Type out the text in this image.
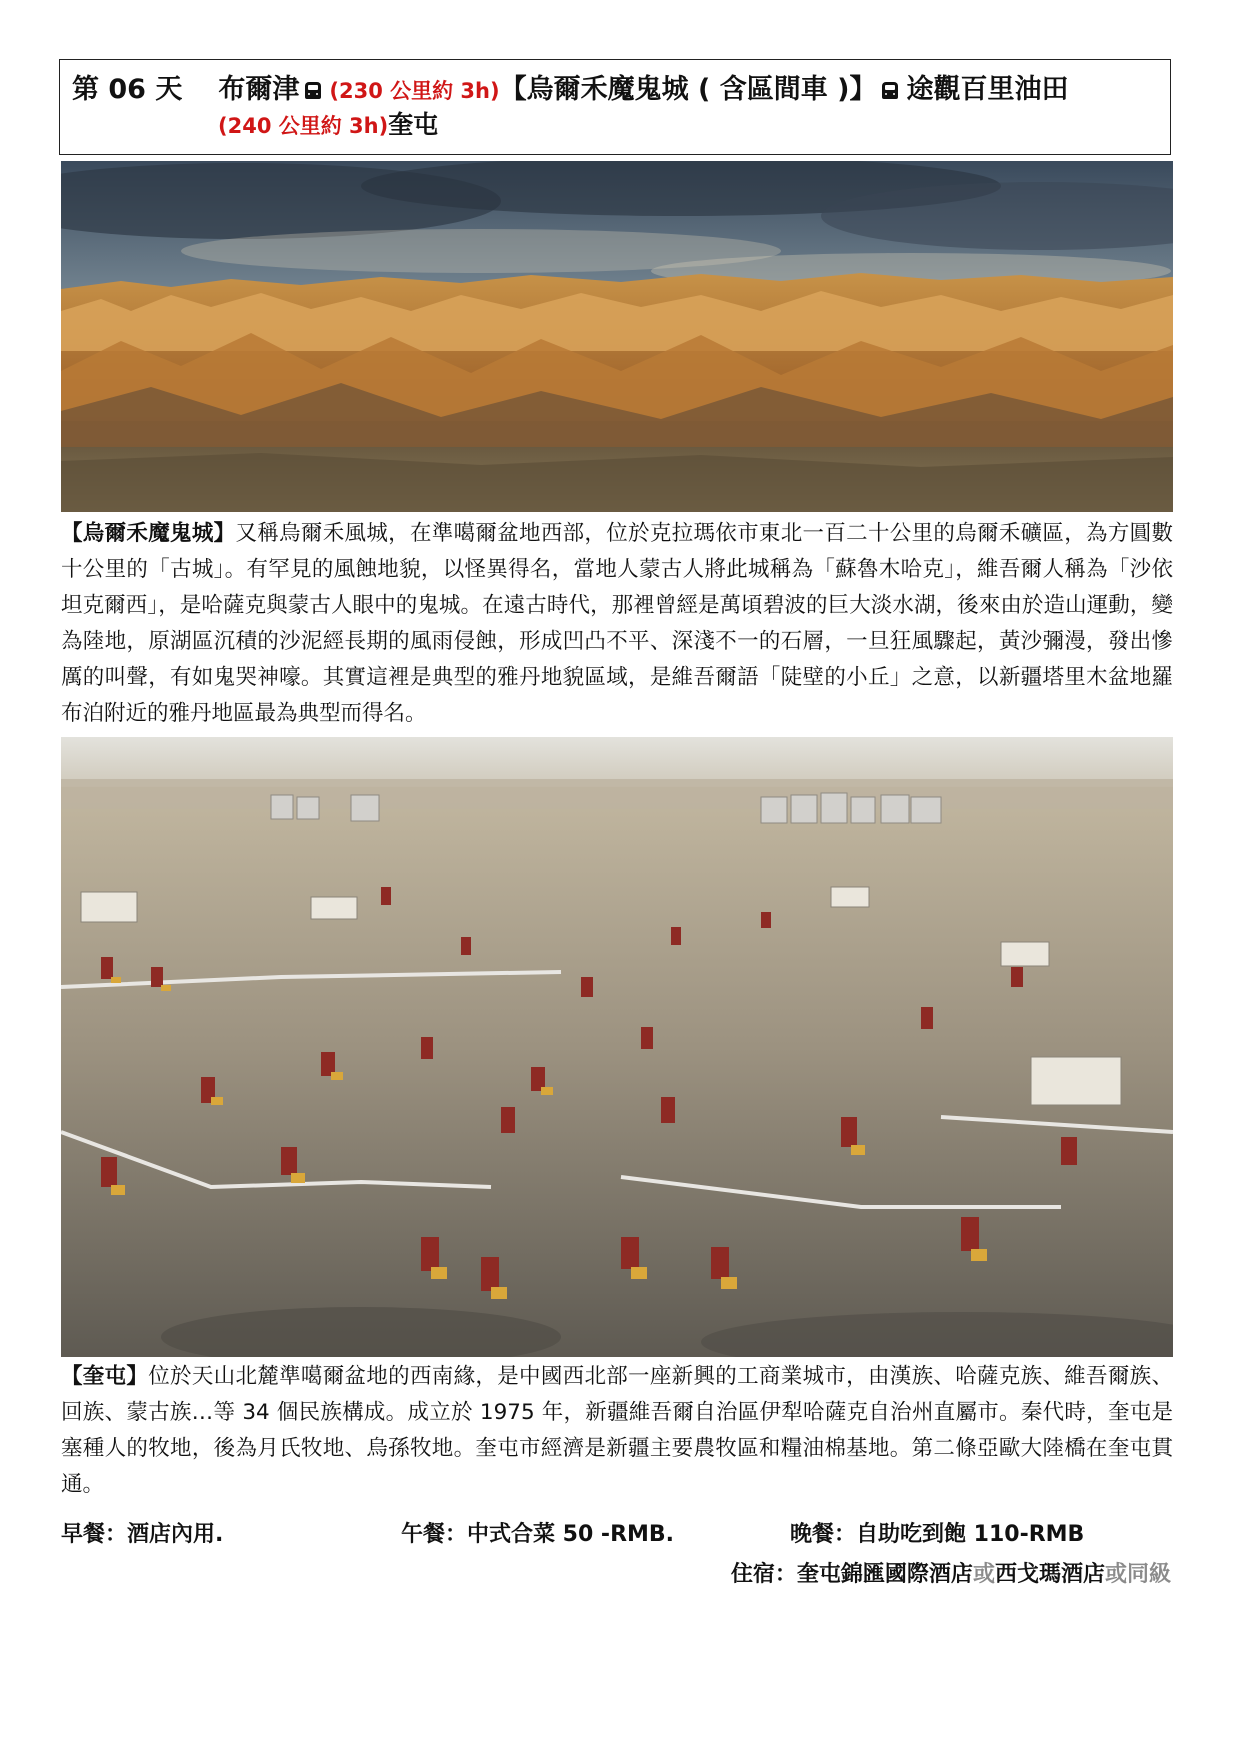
第 06 天 布爾津 (230 公里約 3h)【烏爾禾魔鬼城 ( 含區間車 )】 途觀百里油田
(240 公里約 3h)奎屯

【烏爾禾魔鬼城】又稱烏爾禾風城，在準噶爾盆地西部，位於克拉瑪依市東北一百二十公里的烏爾禾礦區，為方圓數十公里的「古城」。有罕見的風蝕地貌，以怪異得名，當地人蒙古人將此城稱為「蘇魯木哈克」，維吾爾人稱為「沙依坦克爾西」，是哈薩克與蒙古人眼中的鬼城。在遠古時代，那裡曾經是萬頃碧波的巨大淡水湖，後來由於造山運動，變為陸地，原湖區沉積的沙泥經長期的風雨侵蝕，形成凹凸不平、深淺不一的石層，一旦狂風驟起，黃沙彌漫，發出慘厲的叫聲，有如鬼哭神嚎。其實這裡是典型的雅丹地貌區域，是維吾爾語「陡壁的小丘」之意，以新疆塔里木盆地羅布泊附近的雅丹地區最為典型而得名。

【奎屯】位於天山北麓準噶爾盆地的西南緣，是中國西北部一座新興的工商業城市，由漢族、哈薩克族、維吾爾族、回族、蒙古族…等 34 個民族構成。成立於 1975 年，新疆維吾爾自治區伊犁哈薩克自治州直屬市。秦代時，奎屯是塞種人的牧地，後為月氏牧地、烏孫牧地。奎屯市經濟是新疆主要農牧區和糧油棉基地。第二條亞歐大陸橋在奎屯貫通。

早餐：酒店內用.	午餐：中式合菜 50 -RMB.	晚餐：自助吃到飽 110-RMB
住宿：奎屯錦匯國際酒店或西戈瑪酒店或同級
